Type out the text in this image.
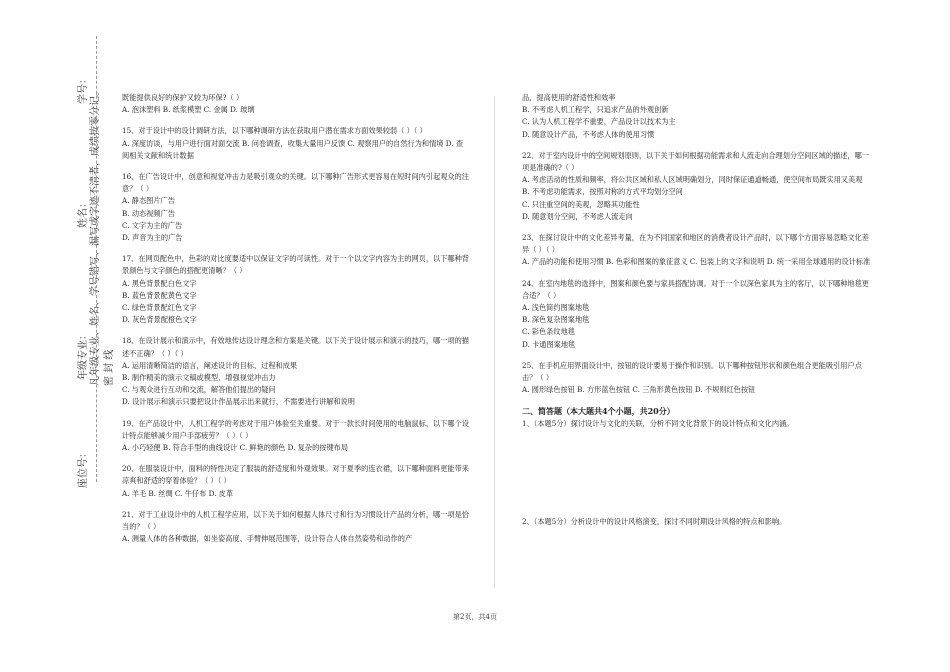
学号：
姓名：
年级专业：
座位号：
凡年级专业、姓名、学号错写、漏写或字迹不清者，成绩按零分记。 密 封 线

既能提供良好的保护又较为环保?（ ）

A. 泡沫塑料 B. 纸浆模塑 C. 金属 D. 玻璃

15、对于设计中的设计调研方法，以下哪种调研方法在获取用户潜在需求方面效果较弱（ ）（ ）

A. 深度访谈，与用户进行面对面交流 B. 问卷调查，收集大量用户反馈 C. 观察用户的自然行为和情境 D. 查阅相关文献和统计数据

16、在广告设计中，创意和视觉冲击力是吸引观众的关键。以下哪种广告形式更容易在短时间内引起观众的注意？（ ）

A. 静态图片广告

B. 动态视频广告

C. 文字为主的广告

D. 声音为主的广告

17、在网页配色中，色彩的对比度要适中以保证文字的可读性。对于一个以文字内容为主的网页，以下哪种背景颜色与文字颜色的搭配更清晰？（ ）

A. 黑色背景配白色文字

B. 蓝色背景配黄色文字

C. 绿色背景配红色文字

D. 灰色背景配橙色文字

18、在设计展示和演示中，有效地传达设计理念和方案是关键。以下关于设计展示和演示的技巧，哪一项的描述不正确？（ ）（ ）

A. 运用清晰简洁的语言，阐述设计的目标、过程和成果

B. 制作精美的演示文稿或模型，增强视觉冲击力

C. 与观众进行互动和交流，解答他们提出的疑问

D. 设计展示和演示只要把设计作品展示出来就行，不需要进行讲解和说明

19、在产品设计中，人机工程学的考虑对于用户体验至关重要。对于一款长时间使用的电脑鼠标，以下哪个设计特点能够减少用户手部疲劳？（ ）（ ）

A. 小巧轻便 B. 符合手型的曲线设计 C. 鲜艳的颜色 D. 复杂的按键布局

20、在服装设计中，面料的特性决定了服装的舒适度和外观效果。对于夏季的连衣裙，以下哪种面料更能带来凉爽和舒适的穿着体验？（ ）（ ）

A. 羊毛 B. 丝绸 C. 牛仔布 D. 皮革

21、对于工业设计中的人机工程学应用，以下关于如何根据人体尺寸和行为习惯设计产品的分析，哪一项是恰当的？（ ）

A. 测量人体的各种数据，如坐姿高度、手臂伸展范围等，设计符合人体自然姿势和动作的产

品，提高使用的舒适性和效率

B. 不考虑人机工程学，只追求产品的外观创新

C. 认为人机工程学不重要，产品设计以技术为主

D. 随意设计产品，不考虑人体的使用习惯

22、对于室内设计中的空间规划原则，以下关于如何根据功能需求和人流走向合理划分空间区域的描述，哪一项是准确的?（ ）

A. 考虑活动的性质和频率，将公共区域和私人区域明确划分，同时保证通道畅通，使空间布局既实用又美观

B. 不考虑功能需求，按照对称的方式平均划分空间

C. 只注重空间的美观，忽略其功能性

D. 随意划分空间，不考虑人流走向

23、在探讨设计中的文化差异考量，在为不同国家和地区的消费者设计产品时，以下哪个方面容易忽略文化差异（ ）（ ）

A. 产品的功能和使用习惯 B. 色彩和图案的象征意义 C. 包装上的文字和说明 D. 统一采用全球通用的设计标准

24、在室内地毯的选择中，图案和颜色要与家具搭配协调。对于一个以深色家具为主的客厅，以下哪种地毯更合适？（ ）

A. 浅色简约图案地毯

B. 深色复杂图案地毯

C. 彩色条纹地毯

D. 卡通图案地毯

25、在手机应用界面设计中，按钮的设计要易于操作和识别。以下哪种按钮形状和颜色组合更能吸引用户点击？（ ）

A. 圆形绿色按钮 B. 方形蓝色按钮 C. 三角形黄色按钮 D. 不规则红色按钮

二、简答题（本大题共4个小题，共20分）

1、（本题5分）探讨设计与文化的关联，分析不同文化背景下的设计特点和文化内涵。

2、（本题5分）分析设计中的设计风格演变，探讨不同时期设计风格的特点和影响。

第2页，共4页
